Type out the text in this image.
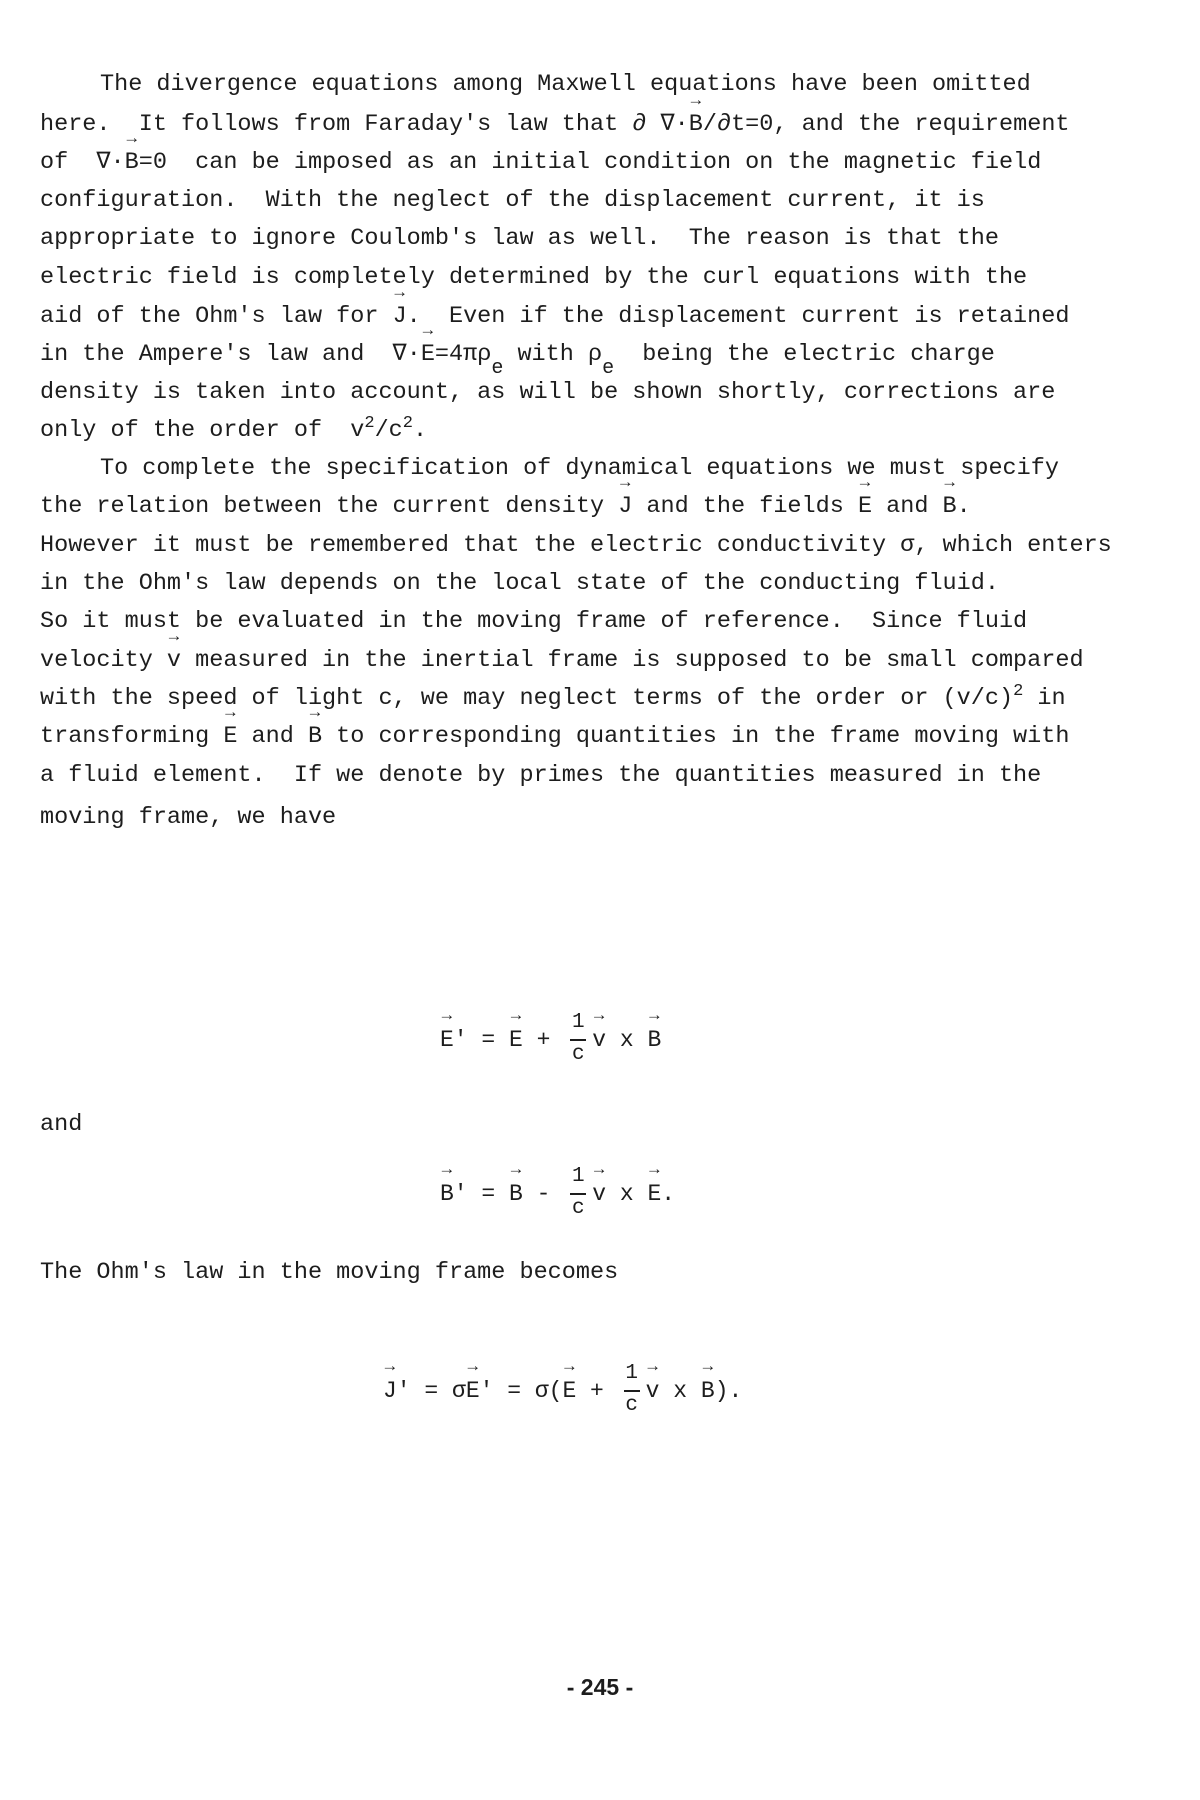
The divergence equations among Maxwell equations have been omitted
here.  It follows from Faraday's law that ∂ ∇·→ B/∂t=0, and the requirement
of  ∇·→ B=0  can be imposed as an initial condition on the magnetic field
configuration.  With the neglect of the displacement current, it is
appropriate to ignore Coulomb's law as well.  The reason is that the
electric field is completely determined by the curl equations with the
aid of the Ohm's law for → J.  Even if the displacement current is retained
in the Ampere's law and  ∇·→ E=4πρe with ρe  being the electric charge
density is taken into account, as will be shown shortly, corrections are
only of the order of  $v^2/c^2$.
To complete the specification of dynamical equations we must specify
the relation between the current density → J and the fields → E and → B.
However it must be remembered that the electric conductivity σ, which enters
in the Ohm's law depends on the local state of the conducting fluid.
So it must be evaluated in the moving frame of reference.  Since fluid
velocity → v measured in the inertial frame is supposed to be small compared
with the speed of light c, we may neglect terms of the order or $(v/c)^2$ in
transforming → E and → B to corresponding quantities in the frame moving with
a fluid element.  If we denote by primes the quantities measured in the
moving frame, we have
→ E' = → $E + \frac{1}{c}$
→ v x → B
and
→ B' = → B - $\frac{1}{c}$
→ v x → E.
The Ohm's law in the moving frame becomes
→ $J' = \sigma\to E' = \sigma(\to E + \frac{1}{c}$
→ v x → B).
- 245 -
